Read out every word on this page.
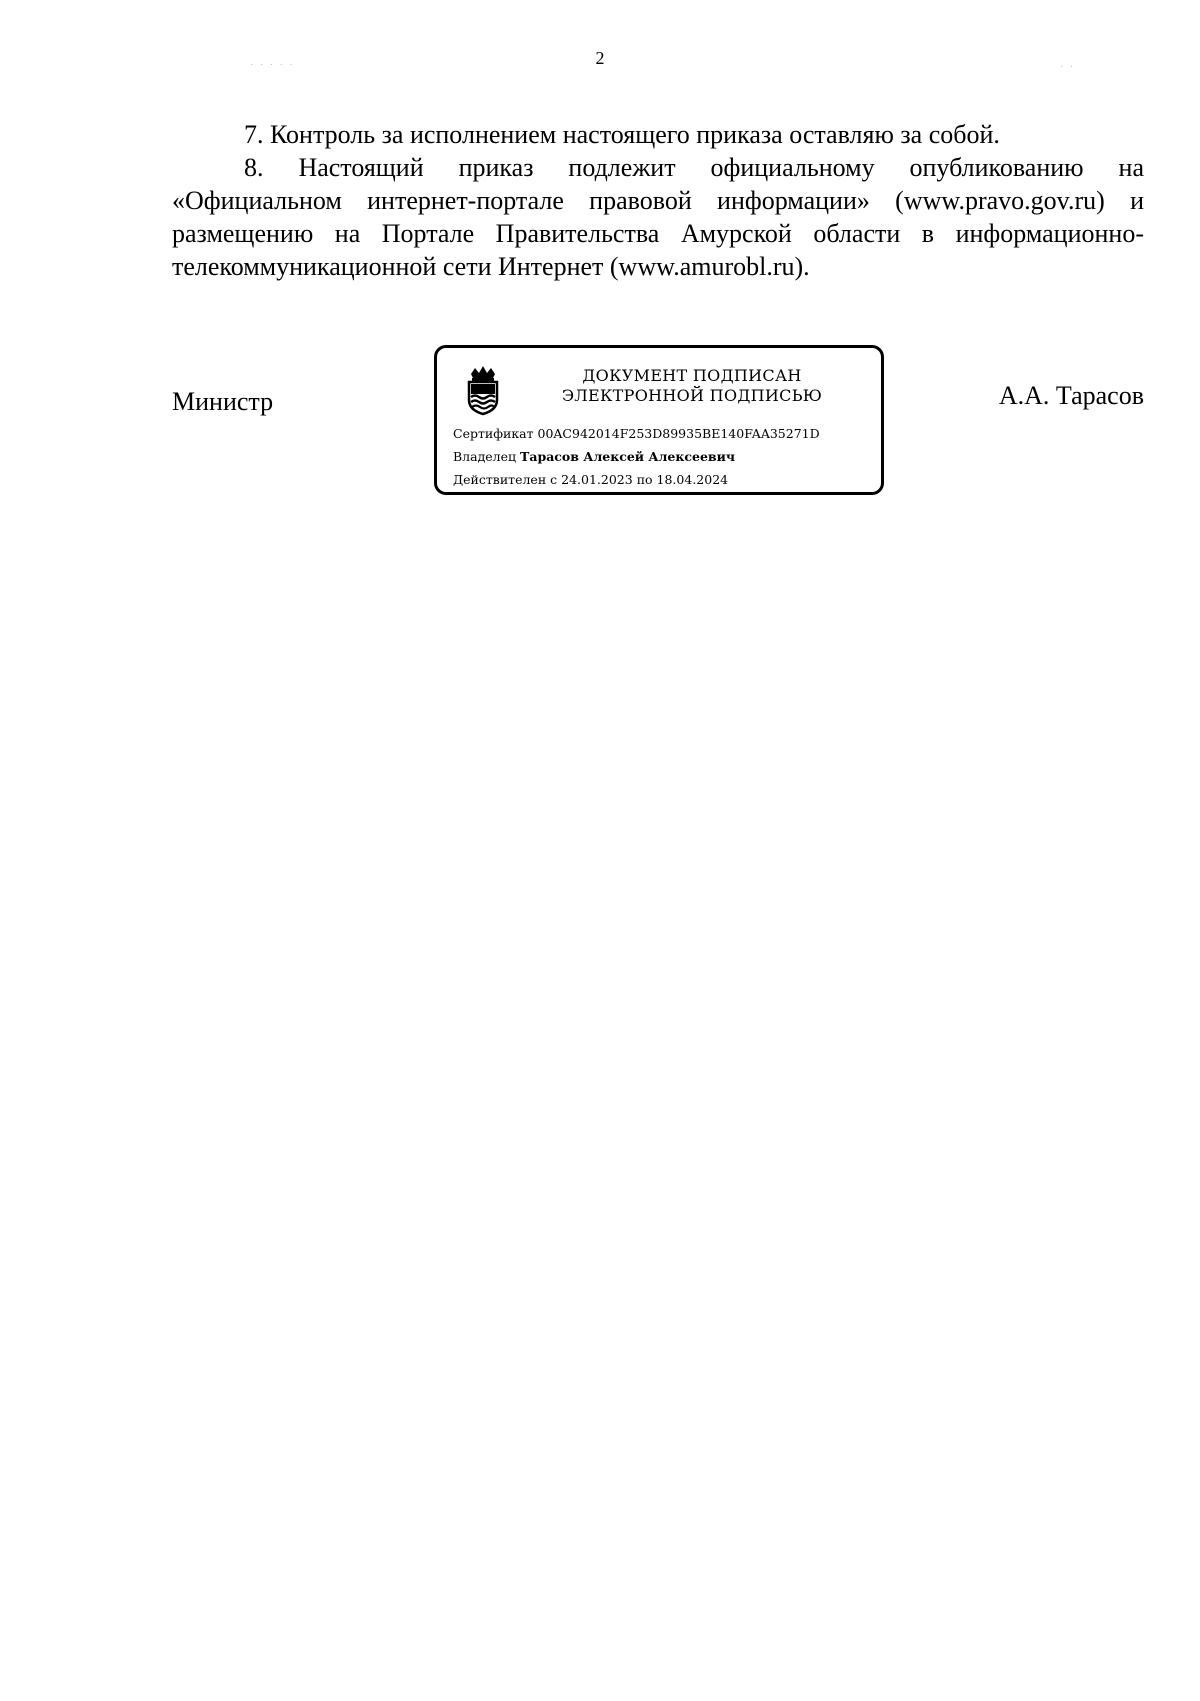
· · · · ·	· ·
2

7. Контроль за исполнением настоящего приказа оставляю за собой.

8. Настоящий приказ подлежит официальному опубликованию на «Официальном интернет-портале правовой информации» (www.pravo.gov.ru) и размещению на Портале Правительства Амурской области в информационно-телекоммуникационной сети Интернет (www.amurobl.ru).

Министр
ДОКУМЕНТ ПОДПИСАН
ЭЛЕКТРОННОЙ ПОДПИСЬЮ
Сертификат 00AC942014F253D89935BE140FAA35271D
Владелец Тарасов Алексей Алексеевич
Действителен с 24.01.2023 по 18.04.2024
А.А. Тарасов
